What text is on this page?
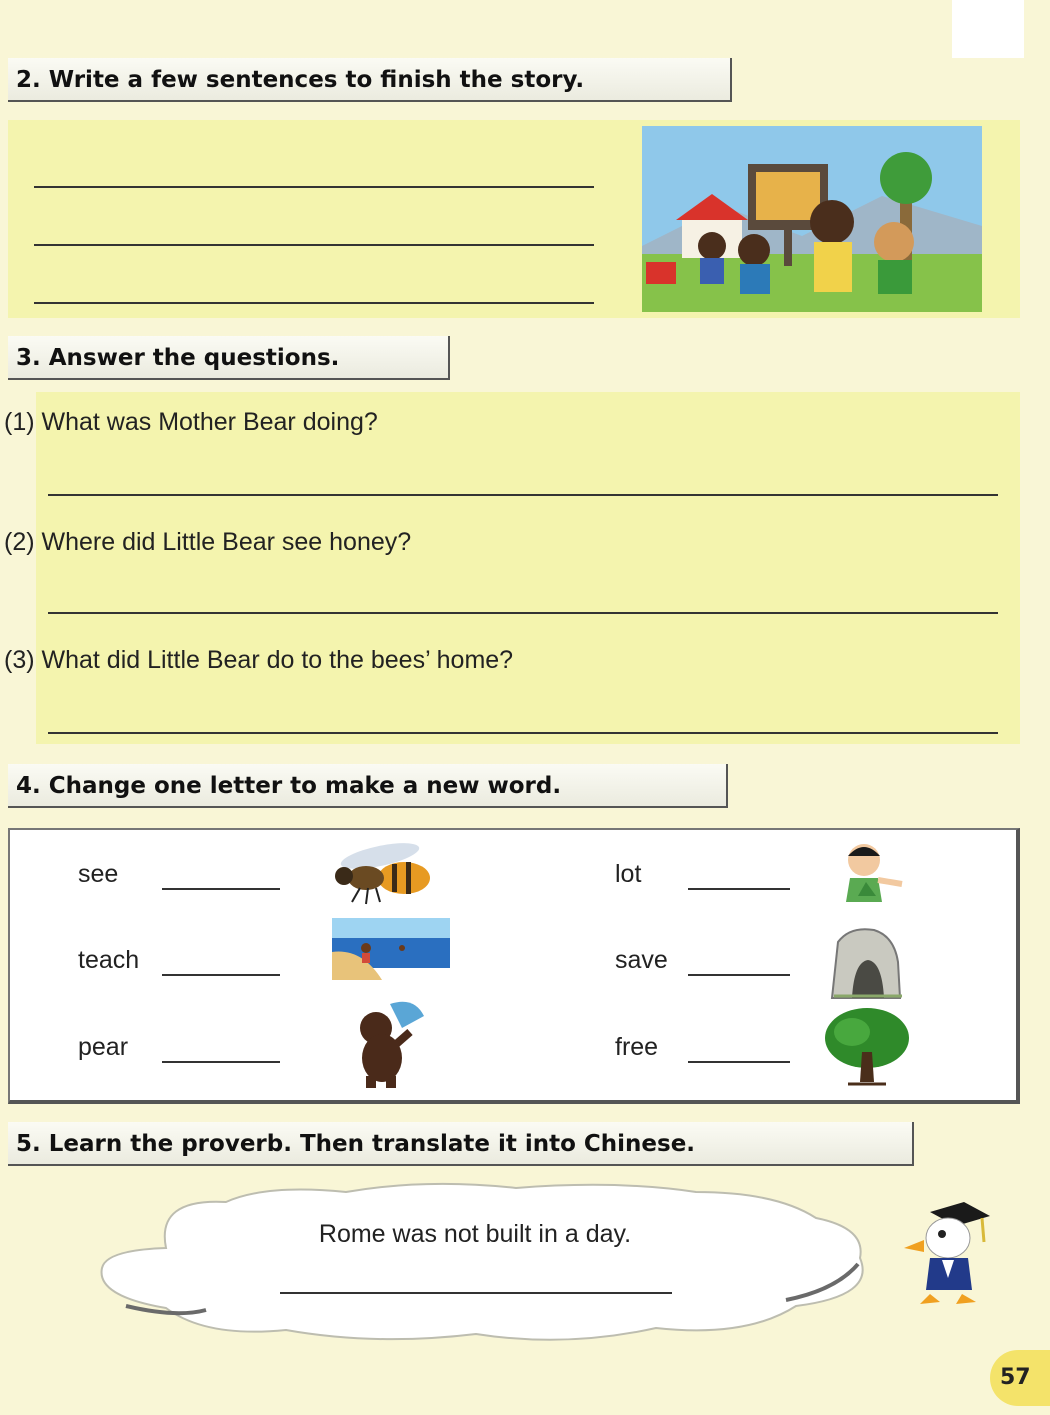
2. Write a few sentences to finish the story.
3. Answer the questions.
(1) What was Mother Bear doing?
(2) Where did Little Bear see honey?
(3) What did Little Bear do to the bees’ home?
4. Change one letter to make a new word.
see	lot
teach	save
pear	free
5. Learn the proverb. Then translate it into Chinese.
Rome was not built in a day.
57
